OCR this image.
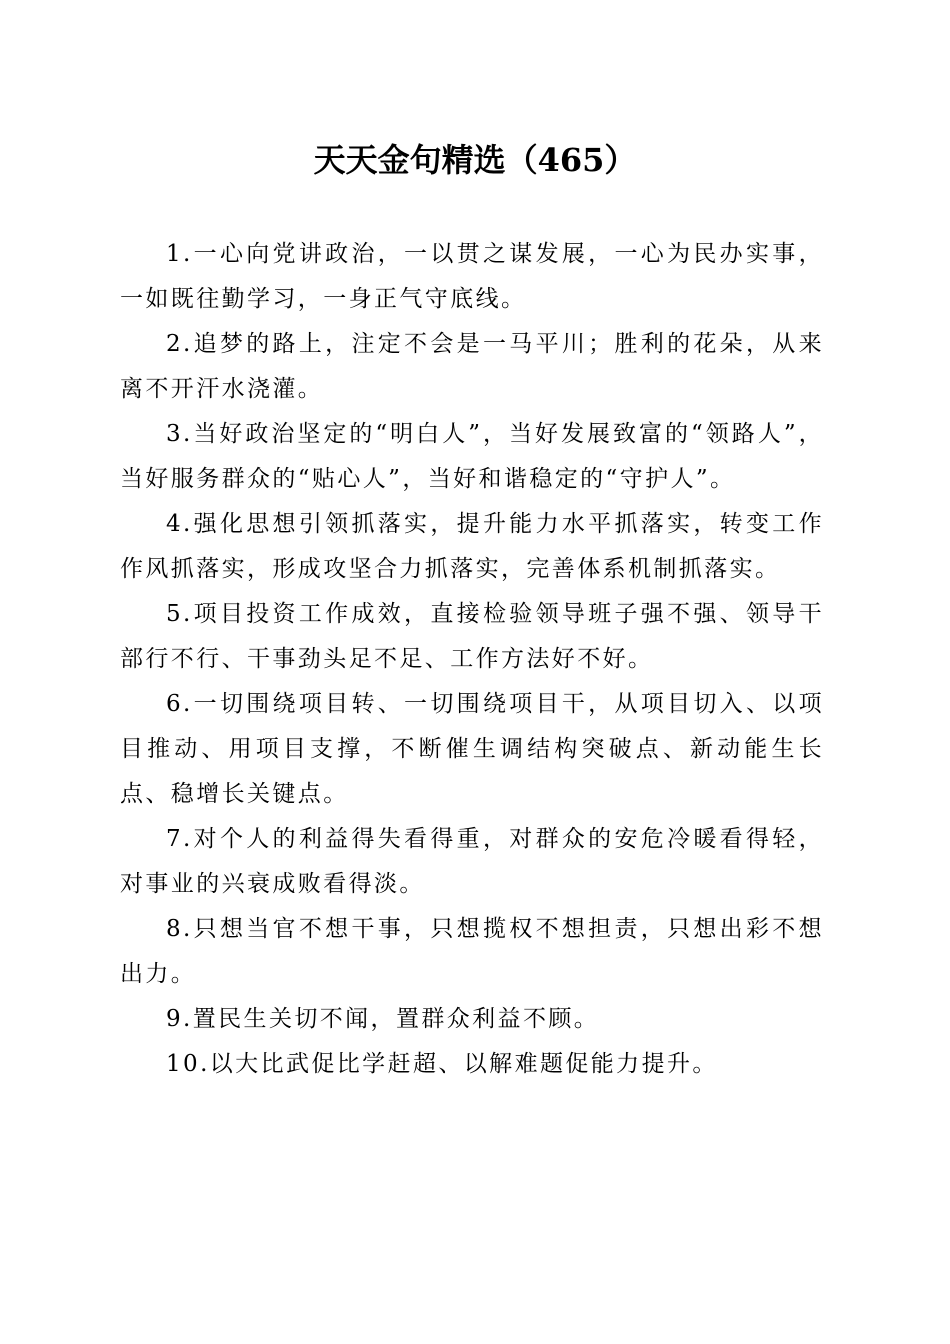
天天金句精选（465）

1.一心向党讲政治，一以贯之谋发展，一心为民办实事，一如既往勤学习，一身正气守底线。

2.追梦的路上，注定不会是一马平川；胜利的花朵，从来离不开汗水浇灌。

3.当好政治坚定的“明白人”，当好发展致富的“领路人”，当好服务群众的“贴心人”，当好和谐稳定的“守护人”。

4.强化思想引领抓落实，提升能力水平抓落实，转变工作作风抓落实，形成攻坚合力抓落实，完善体系机制抓落实。

5.项目投资工作成效，直接检验领导班子强不强、领导干部行不行、干事劲头足不足、工作方法好不好。

6.一切围绕项目转、一切围绕项目干，从项目切入、以项目推动、用项目支撑，不断催生调结构突破点、新动能生长点、稳增长关键点。

7.对个人的利益得失看得重，对群众的安危冷暖看得轻，对事业的兴衰成败看得淡。

8.只想当官不想干事，只想揽权不想担责，只想出彩不想出力。

9.置民生关切不闻，置群众利益不顾。

10.以大比武促比学赶超、以解难题促能力提升。
